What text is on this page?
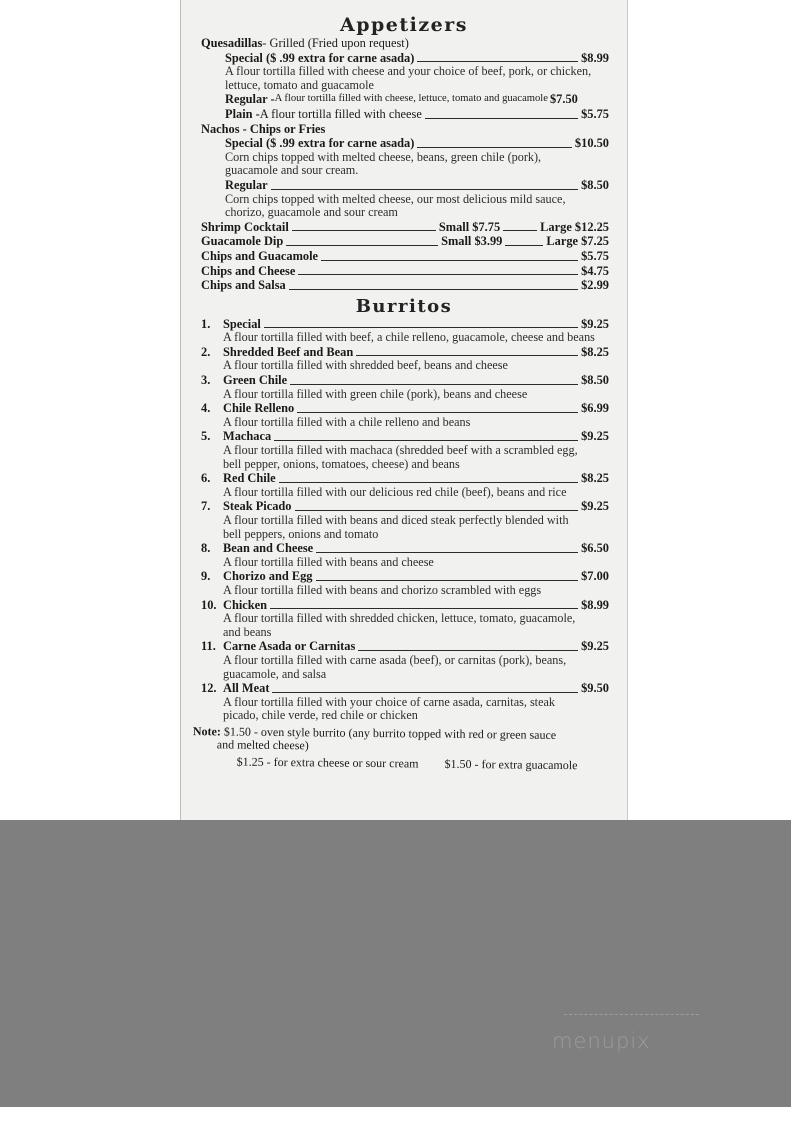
Appetizers
Quesadillas - Grilled (Fried upon request)
Special ($ .99 extra for carne asada)	$8.99
A flour tortilla filled with cheese and your choice of beef, pork, or chicken,
lettuce, tomato and guacamole
Regular - A flour tortilla filled with cheese, lettuce, tomato and guacamole $7.50
Plain - A flour tortilla filled with cheese	$5.75
Nachos - Chips or Fries
Special ($ .99 extra for carne asada)	$10.50
Corn chips topped with melted cheese, beans, green chile (pork),
guacamole and sour cream.
Regular	$8.50
Corn chips topped with melted cheese, our most delicious mild sauce,
chorizo, guacamole and sour cream
Shrimp Cocktail	Small $7.75	Large $12.25
Guacamole Dip	Small $3.99	Large $7.25
Chips and Guacamole	$5.75
Chips and Cheese	$4.75
Chips and Salsa	$2.99
Burritos
1.	Special	$9.25
A flour tortilla filled with beef, a chile relleno, guacamole, cheese and beans
2.	Shredded Beef and Bean	$8.25
A flour tortilla filled with shredded beef, beans and cheese
3.	Green Chile	$8.50
A flour tortilla filled with green chile (pork), beans and cheese
4.	Chile Relleno	$6.99
A flour tortilla filled with a chile relleno and beans
5.	Machaca	$9.25
A flour tortilla filled with machaca (shredded beef with a scrambled egg,
bell pepper, onions, tomatoes, cheese) and beans
6.	Red Chile	$8.25
A flour tortilla filled with our delicious red chile (beef), beans and rice
7.	Steak Picado	$9.25
A flour tortilla filled with beans and diced steak perfectly blended with
bell peppers, onions and tomato
8.	Bean and Cheese	$6.50
A flour tortilla filled with beans and cheese
9.	Chorizo and Egg	$7.00
A flour tortilla filled with beans and chorizo scrambled with eggs
10. Chicken	$8.99
A flour tortilla filled with shredded chicken, lettuce, tomato, guacamole,
and beans
11. Carne Asada or Carnitas	$9.25
A flour tortilla filled with carne asada (beef), or carnitas (pork), beans,
guacamole, and salsa
12. All Meat	$9.50
A flour tortilla filled with your choice of carne asada, carnitas, steak
picado, chile verde, red chile or chicken
Note: $1.50 - oven style burrito (any burrito topped with red or green sauce
and melted cheese)
$1.25 - for extra cheese or sour cream $1.50 - for extra guacamole
menupix
